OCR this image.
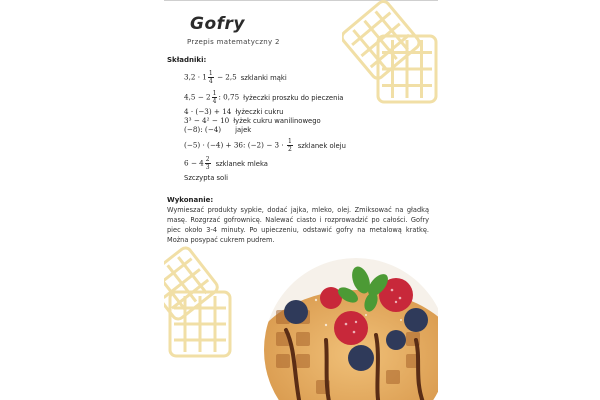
Gofry
Przepis matematyczny 2
Składniki:
$3,2 \cdot 1 \frac{1}{4} - 2,5$ szklanki mąki
$4,5 - 2 \frac{1}{4}$ : 0,75 łyżeczki proszku do pieczenia
4 · (−3) + 14 łyżeczki cukru
3³ − 4² − 10 łyżek cukru wanilinowego
(−8): (−4) jajek
(−5) · (−4) + 36: $(-2) - 3 \cdot \frac{1}{2}$ szklanek oleju
$6 - 4 \frac{2}{3}$ szklanek mleka
Szczypta soli
Wykonanie:
Wymieszać produkty sypkie, dodać jajka, mleko, olej. Zmiksować na gładką masę. Rozgrzać gofrownicę. Nalewać ciasto i rozprowadzić po całości. Gofry piec około 3-4 minuty. Po upieczeniu, odstawić gofry na metalową kratkę. Można posypać cukrem pudrem.
